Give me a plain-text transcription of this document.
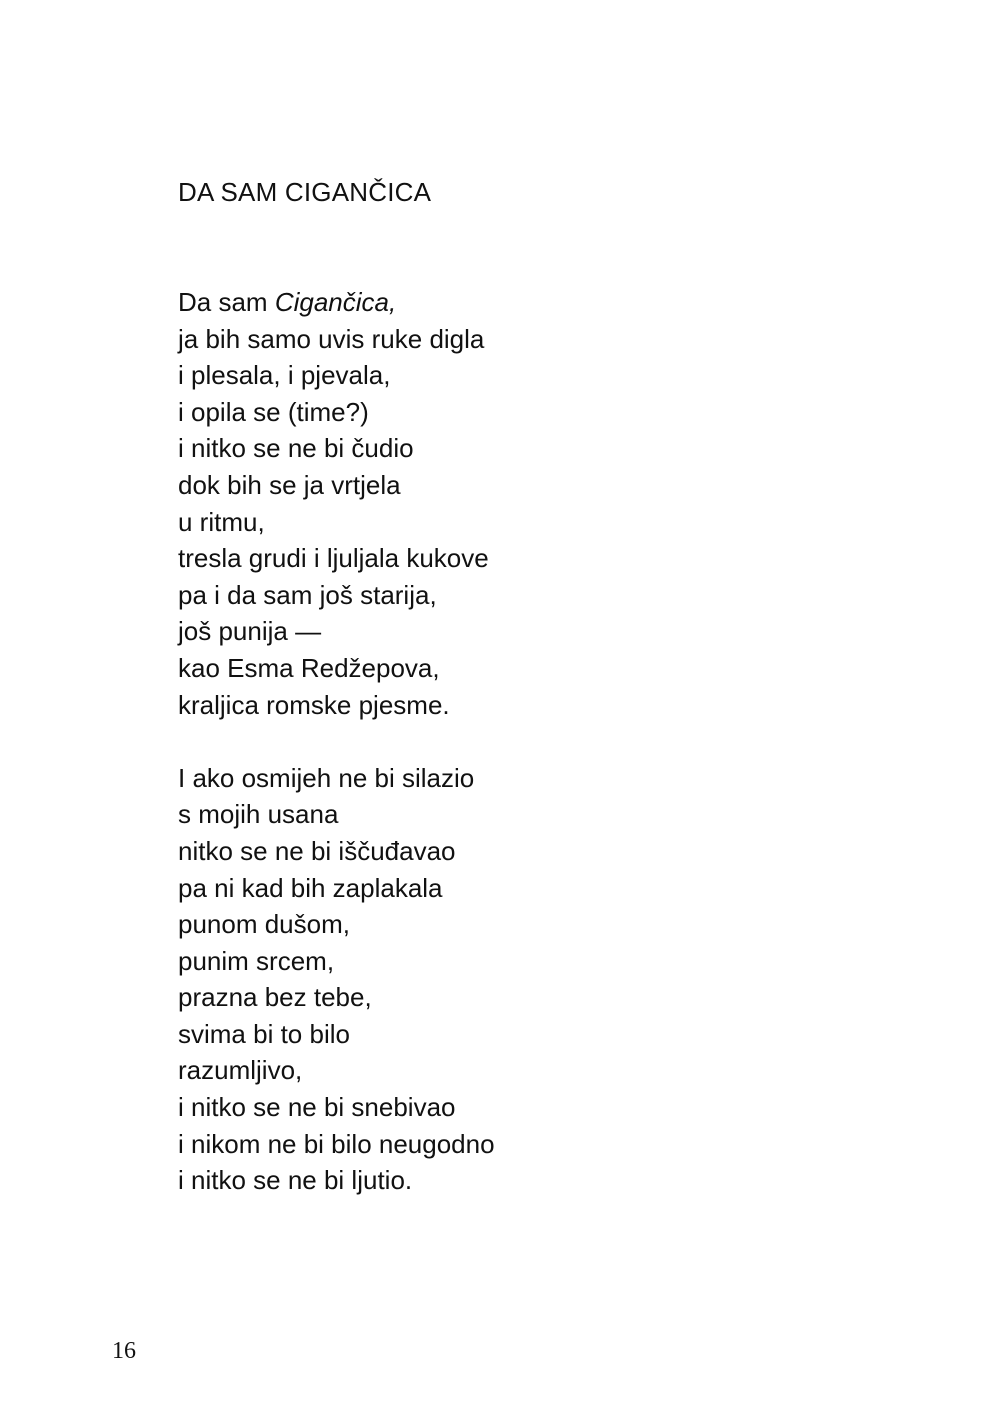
DA SAM CIGANČICA
Da sam Cigančica,
ja bih samo uvis ruke digla
i plesala, i pjevala,
i opila se (time?)
i nitko se ne bi čudio
dok bih se ja vrtjela
u ritmu,
tresla grudi i ljuljala kukove
pa i da sam još starija,
još punija —
kao Esma Redžepova,
kraljica romske pjesme.
I ako osmijeh ne bi silazio
s mojih usana
nitko se ne bi iščuđavao
pa ni kad bih zaplakala
punom dušom,
punim srcem,
prazna bez tebe,
svima bi to bilo
razumljivo,
i nitko se ne bi snebivao
i nikom ne bi bilo neugodno
i nitko se ne bi ljutio.
16
